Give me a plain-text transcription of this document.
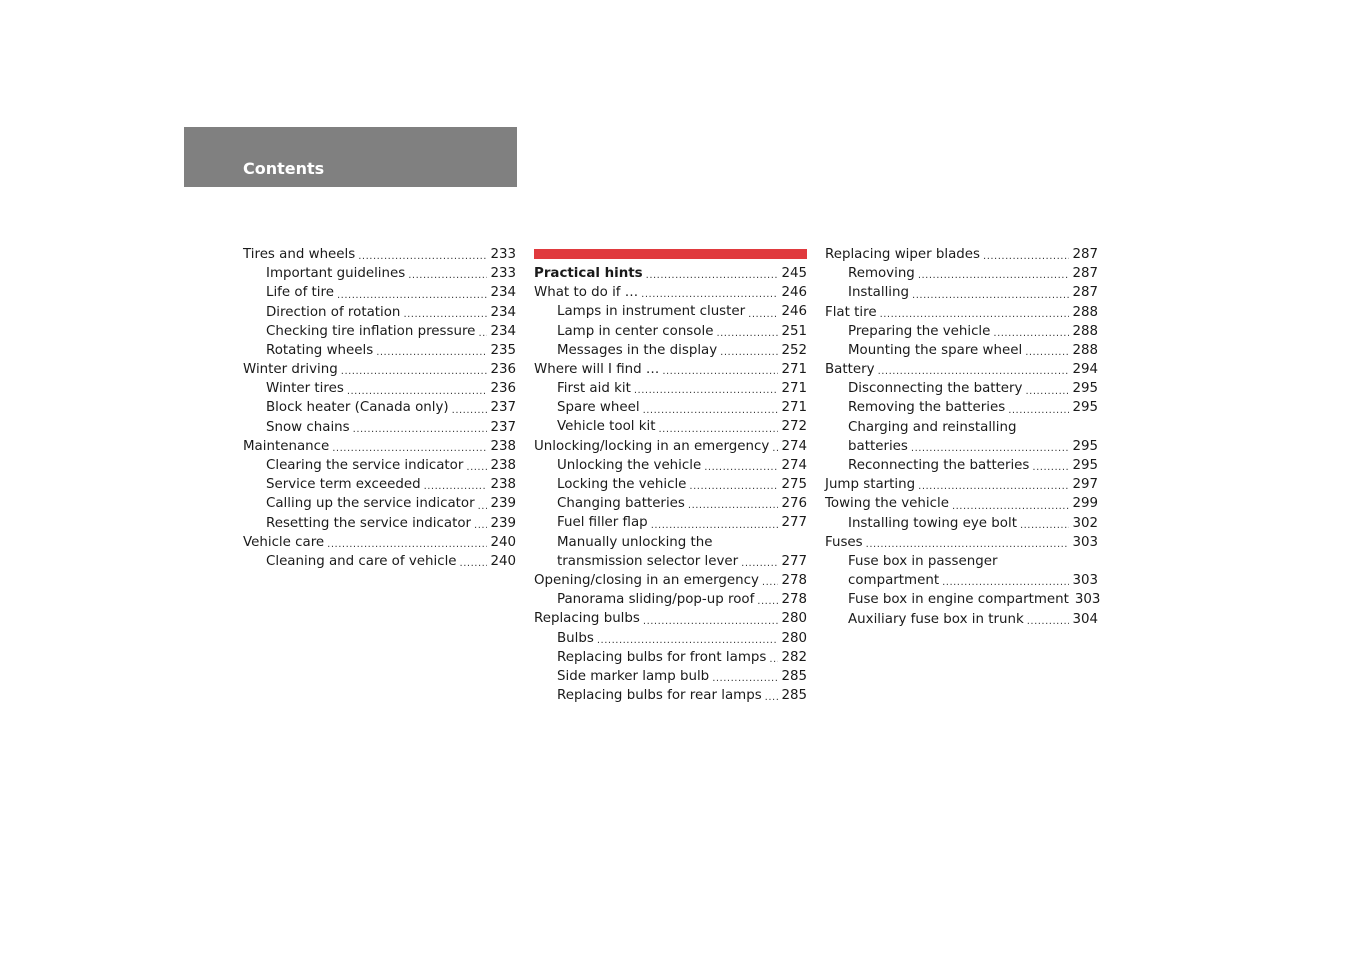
Contents
Tires and wheels .....	233
Important guidelines .....	233
Life of tire .....	234
Direction of rotation .....	234
Checking tire inflation pressure ..... 234
Rotating wheels .....	235
Winter driving .....	236
Winter tires .....	236
Block heater (Canada only) .....	237
Snow chains .....	237
Maintenance .....	238
Clearing the service indicator ..... 238
Service term exceeded .....	238
Calling up the service indicator ..... 239
Resetting the service indicator ..... 239
Vehicle care .....	240
Cleaning and care of vehicle .....	240
Practical hints .....	245
What to do if … .....	246
Lamps in instrument cluster .....	246
Lamp in center console .....	251
Messages in the display .....	252
Where will I find … .....	271
First aid kit .....	271
Spare wheel .....	271
Vehicle tool kit .....	272
Unlocking/locking in an emergency ..... 274
Unlocking the vehicle .....	274
Locking the vehicle .....	275
Changing batteries .....	276
Fuel filler flap .....	277
Manually unlocking the
transmission selector lever .....	277
Opening/closing in an emergency ..... 278
Panorama sliding/pop-up roof ..... 278
Replacing bulbs .....	280
Bulbs .....	280
Replacing bulbs for front lamps ..... 282
Side marker lamp bulb .....	285
Replacing bulbs for rear lamps ..... 285
Replacing wiper blades .....	287
Removing .....	287
Installing .....	287
Flat tire .....	288
Preparing the vehicle .....	288
Mounting the spare wheel .....	288
Battery .....	294
Disconnecting the battery .....	295
Removing the batteries .....	295
Charging and reinstalling
batteries .....	295
Reconnecting the batteries .....	295
Jump starting .....	297
Towing the vehicle .....	299
Installing towing eye bolt .....	302
Fuses .....	303
Fuse box in passenger
compartment .....	303
Fuse box in engine compartment 303
Auxiliary fuse box in trunk .....	304
